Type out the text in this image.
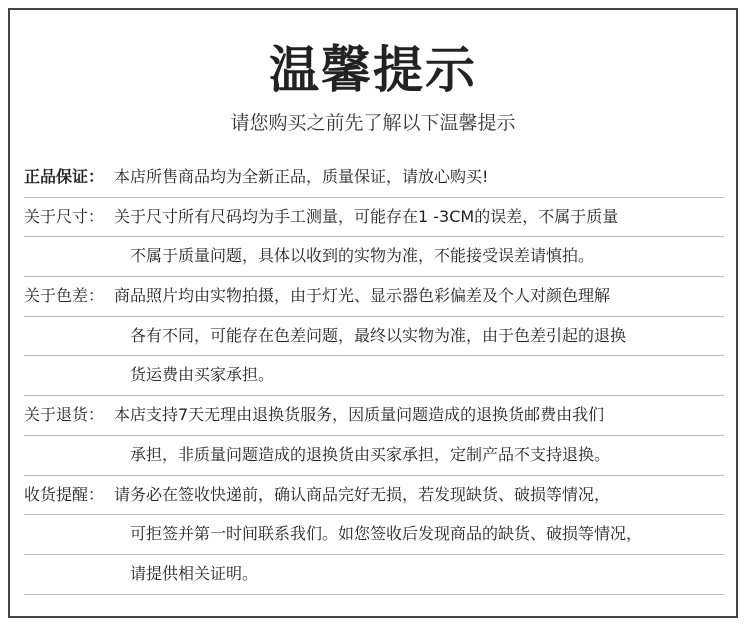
温馨提示
请您购买之前先了解以下温馨提示
正品保证： 本店所售商品均为全新正品，质量保证，请放心购买!
关于尺寸： 关于尺寸所有尺码均为手工测量，可能存在1 -3CM的误差，不属于质量
不属于质量问题，具体以收到的实物为准，不能接受误差请慎拍。
关于色差： 商品照片均由实物拍摄，由于灯光、显示器色彩偏差及个人对颜色理解
各有不同，可能存在色差问题，最终以实物为准，由于色差引起的退换
货运费由买家承担。
关于退货： 本店支持7天无理由退换货服务，因质量问题造成的退换货邮费由我们
承担，非质量问题造成的退换货由买家承担，定制产品不支持退换。
收货提醒： 请务必在签收快递前，确认商品完好无损，若发现缺货、破损等情况，
可拒签并第一时间联系我们。如您签收后发现商品的缺货、破损等情况，
请提供相关证明。
